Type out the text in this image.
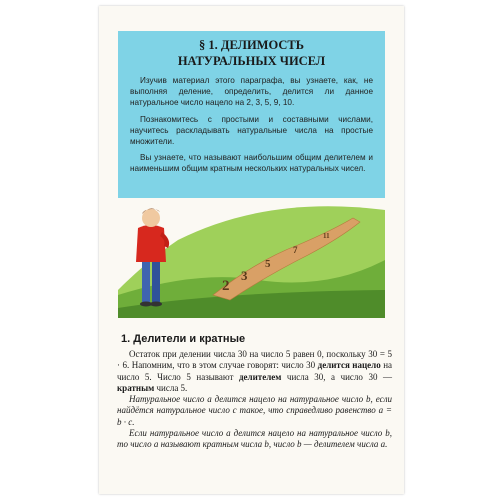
§ 1. ДЕЛИМОСТЬ
НАТУРАЛЬНЫХ ЧИСЕЛ

Изучив материал этого параграфа, вы узнаете, как, не выполняя деление, определить, делится ли данное натуральное число нацело на 2, 3, 5, 9, 10.

Познакомитесь с простыми и составными числами, научитесь раскладывать натуральные числа на простые множители.

Вы узнаете, что называют наибольшим общим делителем и наименьшим общим кратным нескольких натуральных чисел.

2
3
5
7
11
1. Делители и кратные

Остаток при делении числа 30 на число 5 равен 0, поскольку 30 = 5 · 6. Напомним, что в этом случае говорят: число 30 делится нацело на число 5. Число 5 называют делителем числа 30, а число 30 — кратным числа 5.

Натуральное число a делится нацело на натуральное число b, если найдётся натуральное число c такое, что справедливо равенство a = b · c.

Если натуральное число a делится нацело на натуральное число b, то число a называют кратным числа b, число b — делителем числа a.
